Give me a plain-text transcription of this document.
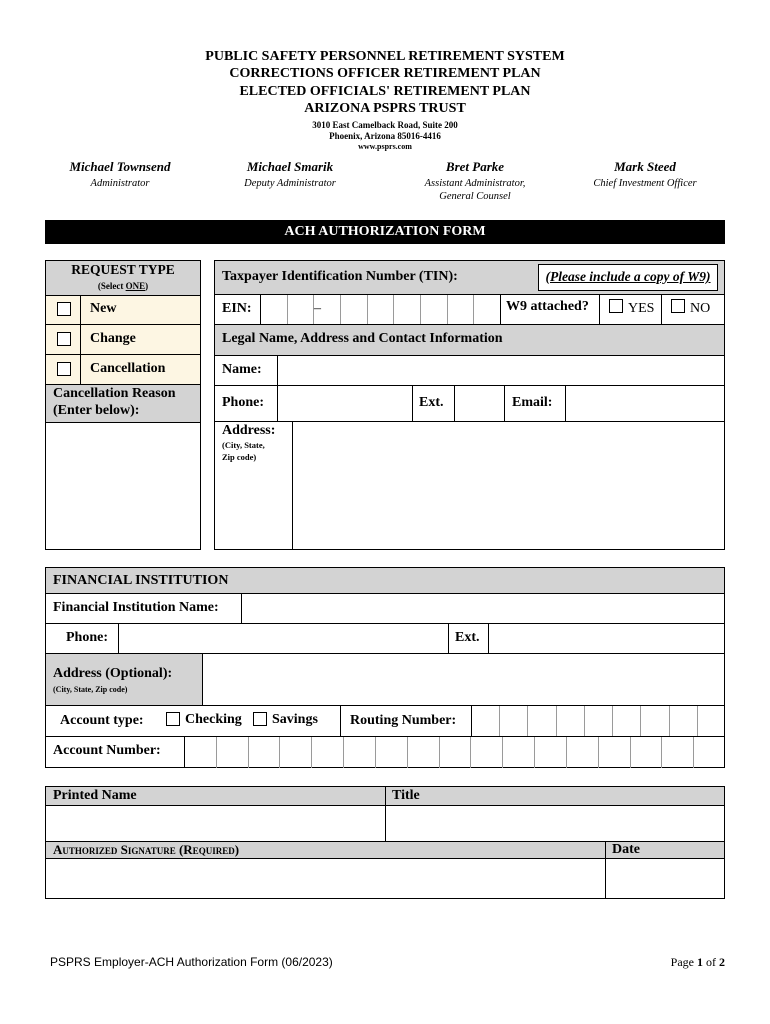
PUBLIC SAFETY PERSONNEL RETIREMENT SYSTEM
CORRECTIONS OFFICER RETIREMENT PLAN
ELECTED OFFICIALS' RETIREMENT PLAN
ARIZONA PSPRS TRUST
3010 East Camelback Road, Suite 200
Phoenix, Arizona 85016-4416
www.psprs.com
Michael Townsend
Administrator
Michael Smarik
Deputy Administrator
Bret Parke
Assistant Administrator,
General Counsel
Mark Steed
Chief Investment Officer
ACH AUTHORIZATION FORM
REQUEST TYPE
(Select ONE)
New
Change
Cancellation
Cancellation Reason
(Enter below):
Taxpayer Identification Number (TIN):	(Please include a copy of W9)
EIN:	–	W9 attached?	YES	NO
Legal Name, Address and Contact Information
Name:
Phone:	Ext.	Email:
Address:
(City, State,
Zip code)
FINANCIAL INSTITUTION
Financial Institution Name:
Phone:	Ext.
Address (Optional):
(City, State, Zip code)
Account type:	Checking Savings Routing Number:
Account Number:
Printed Name	Title
Authorized Signature (Required)	Date
PSPRS Employer-ACH Authorization Form (06/2023)	Page 1 of 2
